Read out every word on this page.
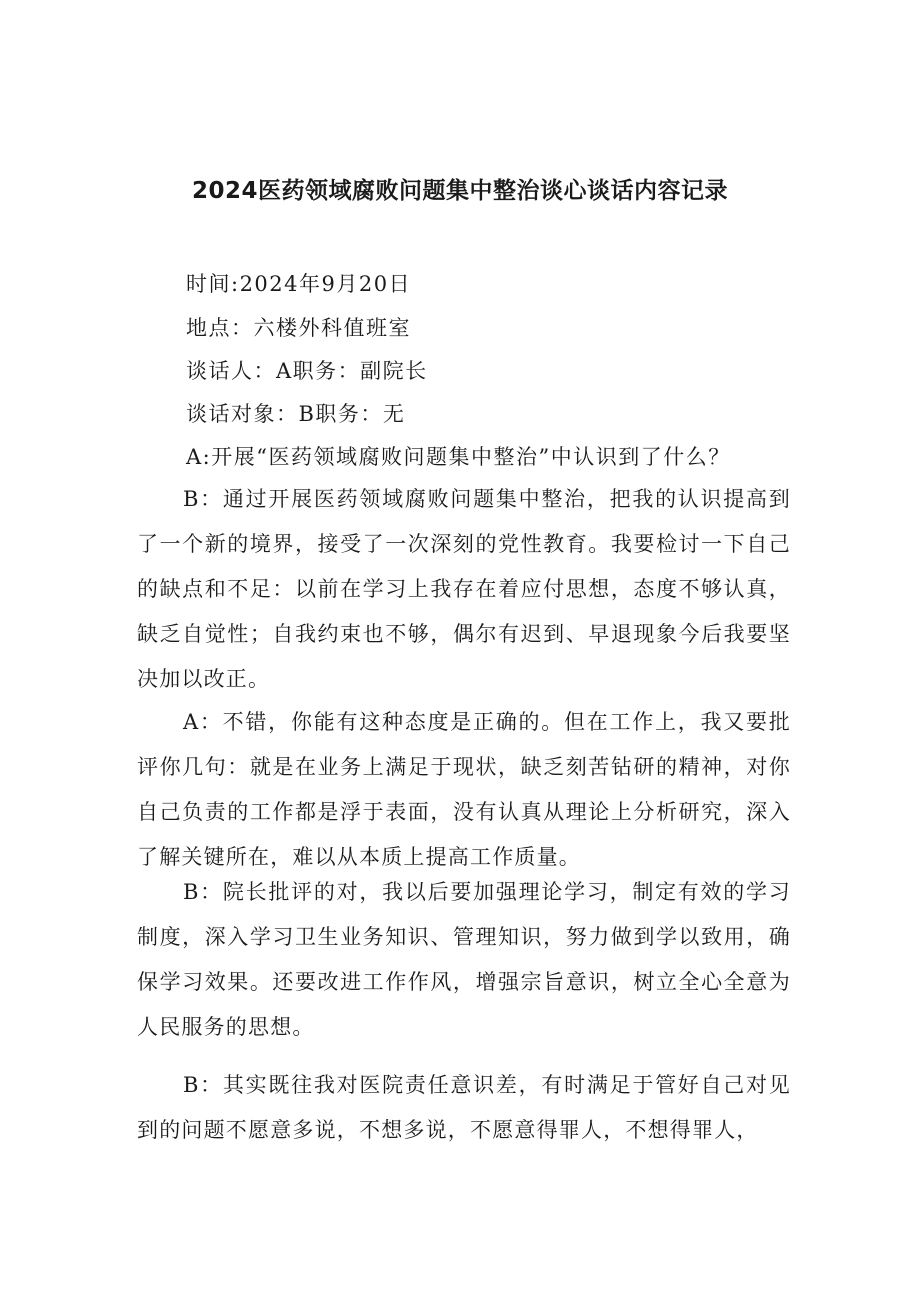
2024医药领域腐败问题集中整治谈心谈话内容记录
时间:2024年9月20日
地点：六楼外科值班室
谈话人：A职务：副院长
谈话对象：B职务：无
A:开展“医药领域腐败问题集中整治”中认识到了什么？

B：通过开展医药领域腐败问题集中整治，把我的认识提高到了一个新的境界，接受了一次深刻的党性教育。我要检讨一下自己的缺点和不足：以前在学习上我存在着应付思想，态度不够认真，缺乏自觉性；自我约束也不够，偶尔有迟到、早退现象今后我要坚决加以改正。

A：不错，你能有这种态度是正确的。但在工作上，我又要批评你几句：就是在业务上满足于现状，缺乏刻苦钻研的精神，对你自己负责的工作都是浮于表面，没有认真从理论上分析研究，深入了解关键所在，难以从本质上提高工作质量。

B：院长批评的对，我以后要加强理论学习，制定有效的学习制度，深入学习卫生业务知识、管理知识，努力做到学以致用，确保学习效果。还要改进工作作风，增强宗旨意识，树立全心全意为人民服务的思想。

B：其实既往我对医院责任意识差，有时满足于管好自己对见到的问题不愿意多说，不想多说，不愿意得罪人，不想得罪人，
